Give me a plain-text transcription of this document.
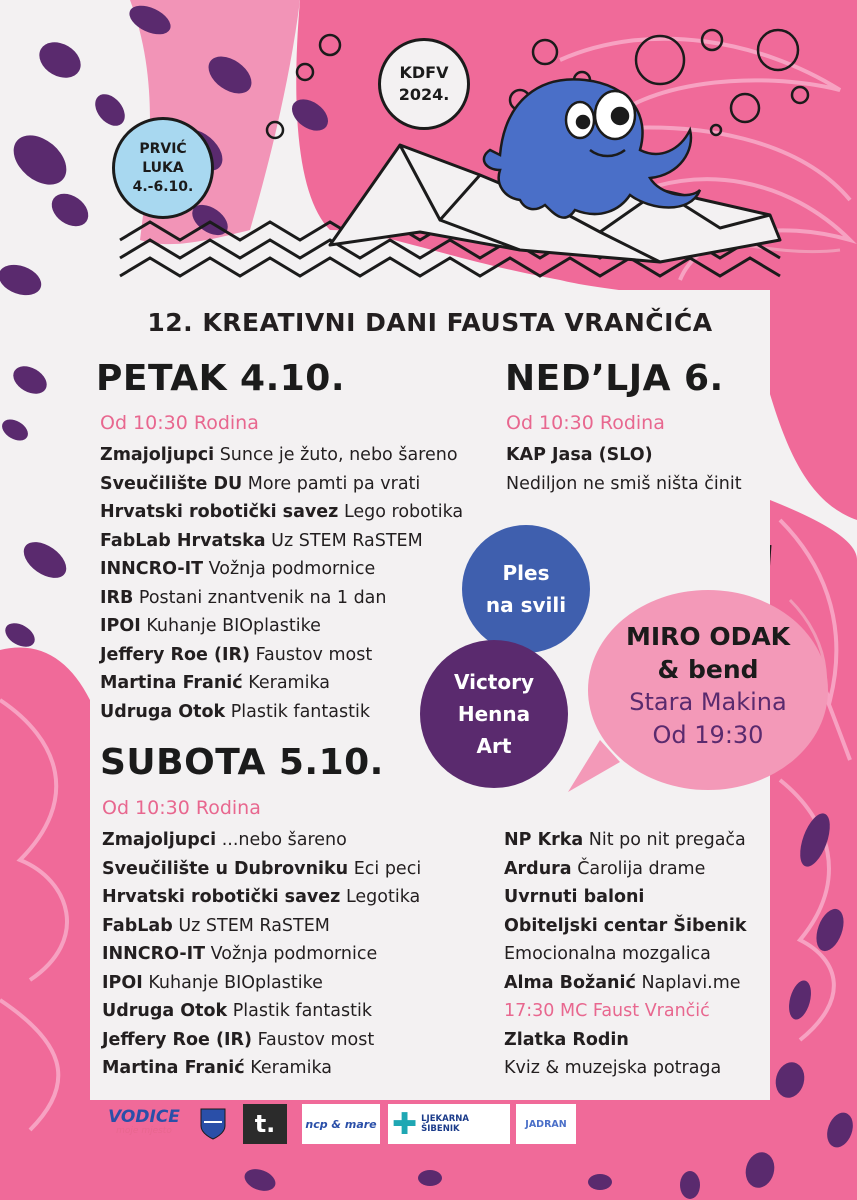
KDFV
2024.
PRVIĆ
LUKA
4.-6.10.
12. KREATIVNI DANI FAUSTA VRANČIĆA
PETAK 4.10.
Od 10:30 Rodina
Zmajoljupci Sunce je žuto, nebo šareno
Sveučilište DU More pamti pa vrati
Hrvatski robotički savez Lego robotika
FabLab Hrvatska Uz STEM RaSTEM
INNCRO-IT Vožnja podmornice
IRB Postani znantvenik na 1 dan
IPOI Kuhanje BIOplastike
Jeffery Roe (IR) Faustov most
Martina Franić Keramika
Udruga Otok Plastik fantastik
NED’LJA 6.
Od 10:30 Rodina
KAP Jasa (SLO)
Nediljon ne smiš ništa činit
Ples
na svili
MIRO ODAK
& bend
Stara Makina
Od 19:30
Victory
Henna
Art
SUBOTA 5.10.
Od 10:30 Rodina
Zmajoljupci ...nebo šareno
Sveučilište u Dubrovniku Eci peci
Hrvatski robotički savez Legotika
FabLab Uz STEM RaSTEM
INNCRO-IT Vožnja podmornice
IPOI Kuhanje BIOplastike
Udruga Otok Plastik fantastik
Jeffery Roe (IR) Faustov most
Martina Franić Keramika
NP Krka Nit po nit pregača
Ardura Čarolija drame
Uvrnuti baloni
Obiteljski centar Šibenik
Emocionalna mozgalica
Alma Božanić Naplavi.me
17:30 MC Faust Vrančić
Zlatka Rodin
Kviz & muzejska potraga
VODICE
moje mjesto	t.	ncp & mare ✚ LJEKARNA ŠIBENIK	JADRAN
